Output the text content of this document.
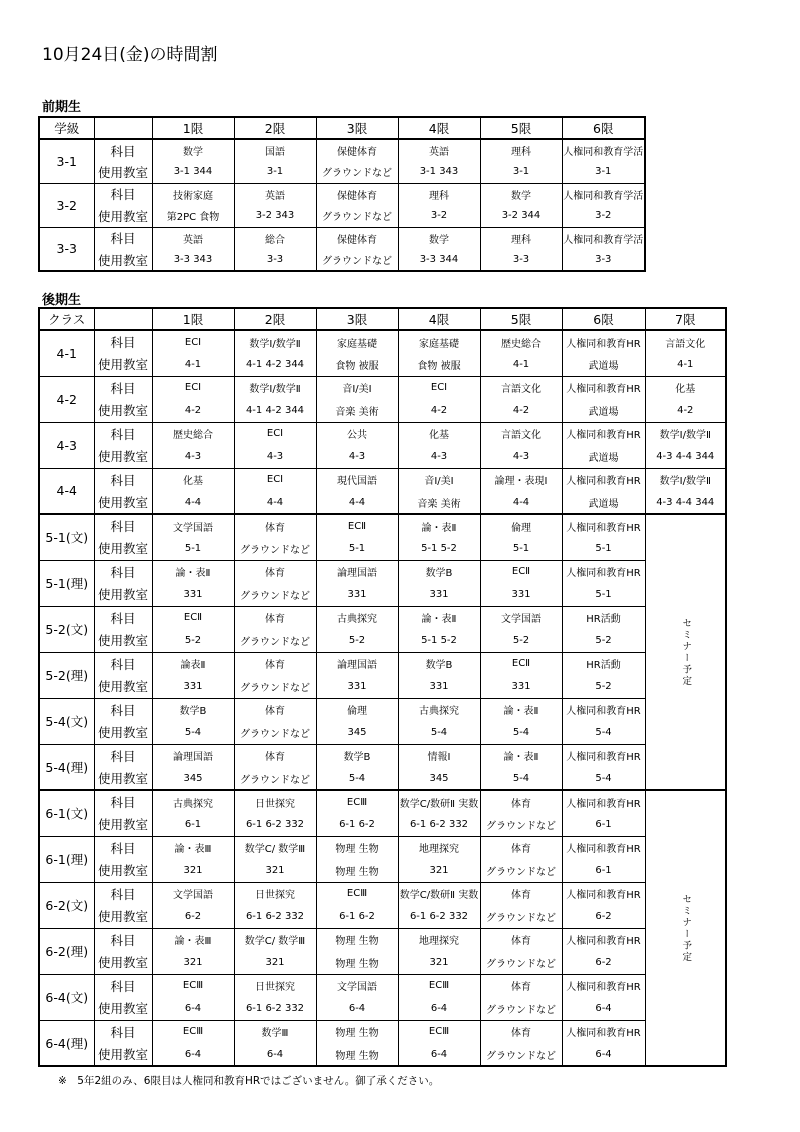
10月24日(金)の時間割
前期生
学級		1限	2限	3限	4限	5限	6限
3-1	科目	数学	国語	保健体育	英語	理科	人権同和教育学活
	使用教室	3-1 344	3-1	グラウンドなど	3-1 343	3-1	3-1
3-2	科目	技術家庭	英語	保健体育	理科	数学	人権同和教育学活
	使用教室	第2PC 食物	3-2 343	グラウンドなど	3-2	3-2 344	3-2
3-3	科目	英語	総合	保健体育	数学	理科	人権同和教育学活
	使用教室	3-3 343	3-3	グラウンドなど	3-3 344	3-3	3-3
後期生
クラス		1限	2限	3限	4限	5限	6限	7限
4-1	科目	ECⅠ	数学Ⅰ/数学Ⅱ	家庭基礎	家庭基礎	歴史総合	人権同和教育HR	言語文化
	使用教室	4-1	4-1 4-2 344	食物 被服	食物 被服	4-1	武道場	4-1
4-2	科目	ECⅠ	数学Ⅰ/数学Ⅱ	音Ⅰ/美Ⅰ	ECⅠ	言語文化	人権同和教育HR	化基
	使用教室	4-2	4-1 4-2 344	音楽 美術	4-2	4-2	武道場	4-2
4-3	科目	歴史総合	ECⅠ	公共	化基	言語文化	人権同和教育HR	数学Ⅰ/数学Ⅱ
	使用教室	4-3	4-3	4-3	4-3	4-3	武道場	4-3 4-4 344
4-4	科目	化基	ECⅠ	現代国語	音Ⅰ/美Ⅰ	論理・表現Ⅰ	人権同和教育HR	数学Ⅰ/数学Ⅱ
	使用教室	4-4	4-4	4-4	音楽 美術	4-4	武道場	4-3 4-4 344
5-1(文)	科目	文学国語	体育	ECⅡ	論・表Ⅱ	倫理	人権同和教育HR	セミナー予定
	使用教室	5-1	グラウンドなど	5-1	5-1 5-2	5-1	5-1	
5-1(理)	科目	論・表Ⅱ	体育	論理国語	数学B	ECⅡ	人権同和教育HR	
	使用教室	331	グラウンドなど	331	331	331	5-1	
5-2(文)	科目	ECⅡ	体育	古典探究	論・表Ⅱ	文学国語	HR活動	
	使用教室	5-2	グラウンドなど	5-2	5-1 5-2	5-2	5-2	
5-2(理)	科目	論表Ⅱ	体育	論理国語	数学B	ECⅡ	HR活動	
	使用教室	331	グラウンドなど	331	331	331	5-2	
5-4(文)	科目	数学B	体育	倫理	古典探究	論・表Ⅱ	人権同和教育HR	
	使用教室	5-4	グラウンドなど	345	5-4	5-4	5-4	
5-4(理)	科目	論理国語	体育	数学B	情報Ⅰ	論・表Ⅱ	人権同和教育HR	
	使用教室	345	グラウンドなど	5-4	345	5-4	5-4	
6-1(文)	科目	古典探究	日世探究	ECⅢ	数学C/数研Ⅱ 実数	体育	人権同和教育HR	セミナー予定
	使用教室	6-1	6-1 6-2 332	6-1 6-2	6-1 6-2 332	グラウンドなど	6-1	
6-1(理)	科目	論・表Ⅲ	数学C/ 数学Ⅲ	物理 生物	地理探究	体育	人権同和教育HR	
	使用教室	321	321	物理 生物	321	グラウンドなど	6-1	
6-2(文)	科目	文学国語	日世探究	ECⅢ	数学C/数研Ⅱ 実数	体育	人権同和教育HR	
	使用教室	6-2	6-1 6-2 332	6-1 6-2	6-1 6-2 332	グラウンドなど	6-2	
6-2(理)	科目	論・表Ⅲ	数学C/ 数学Ⅲ	物理 生物	地理探究	体育	人権同和教育HR	
	使用教室	321	321	物理 生物	321	グラウンドなど	6-2	
6-4(文)	科目	ECⅢ	日世探究	文学国語	ECⅢ	体育	人権同和教育HR	
	使用教室	6-4	6-1 6-2 332	6-4	6-4	グラウンドなど	6-4	
6-4(理)	科目	ECⅢ	数学Ⅲ	物理 生物	ECⅢ	体育	人権同和教育HR	
	使用教室	6-4	6-4	物理 生物	6-4	グラウンドなど	6-4	
※　5年2組のみ、6限目は人権同和教育HRではございません。御了承ください。
